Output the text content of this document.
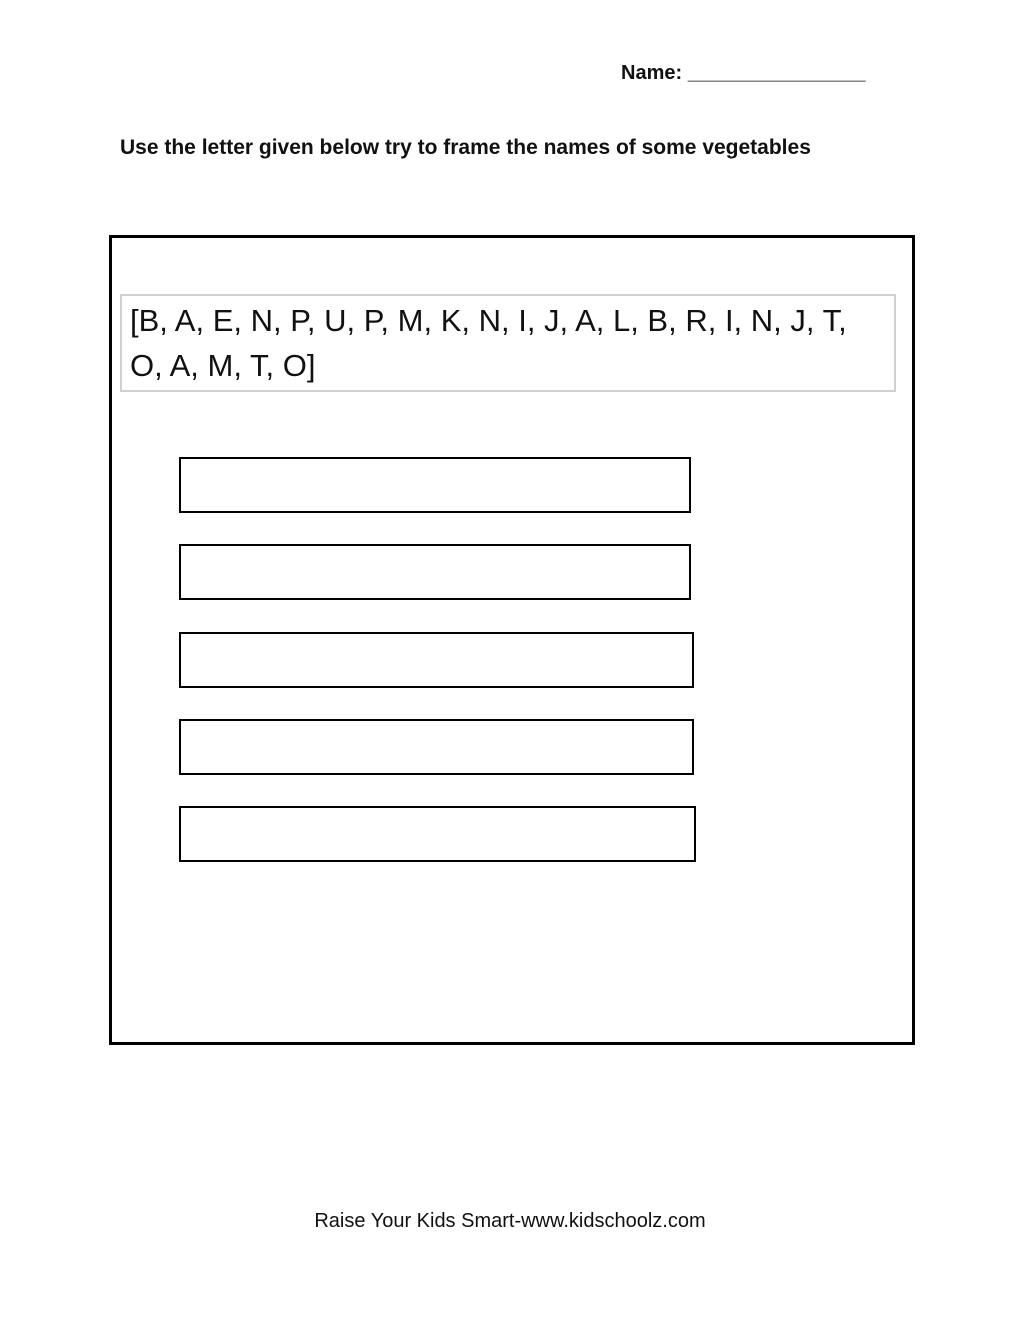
Name: ________________
Use the letter given below try to frame the names of some vegetables
[B, A, E, N, P, U, P, M, K, N, I, J, A, L, B, R, I, N, J, T, O, A, M, T, O]
Raise Your Kids Smart-www.kidschoolz.com
